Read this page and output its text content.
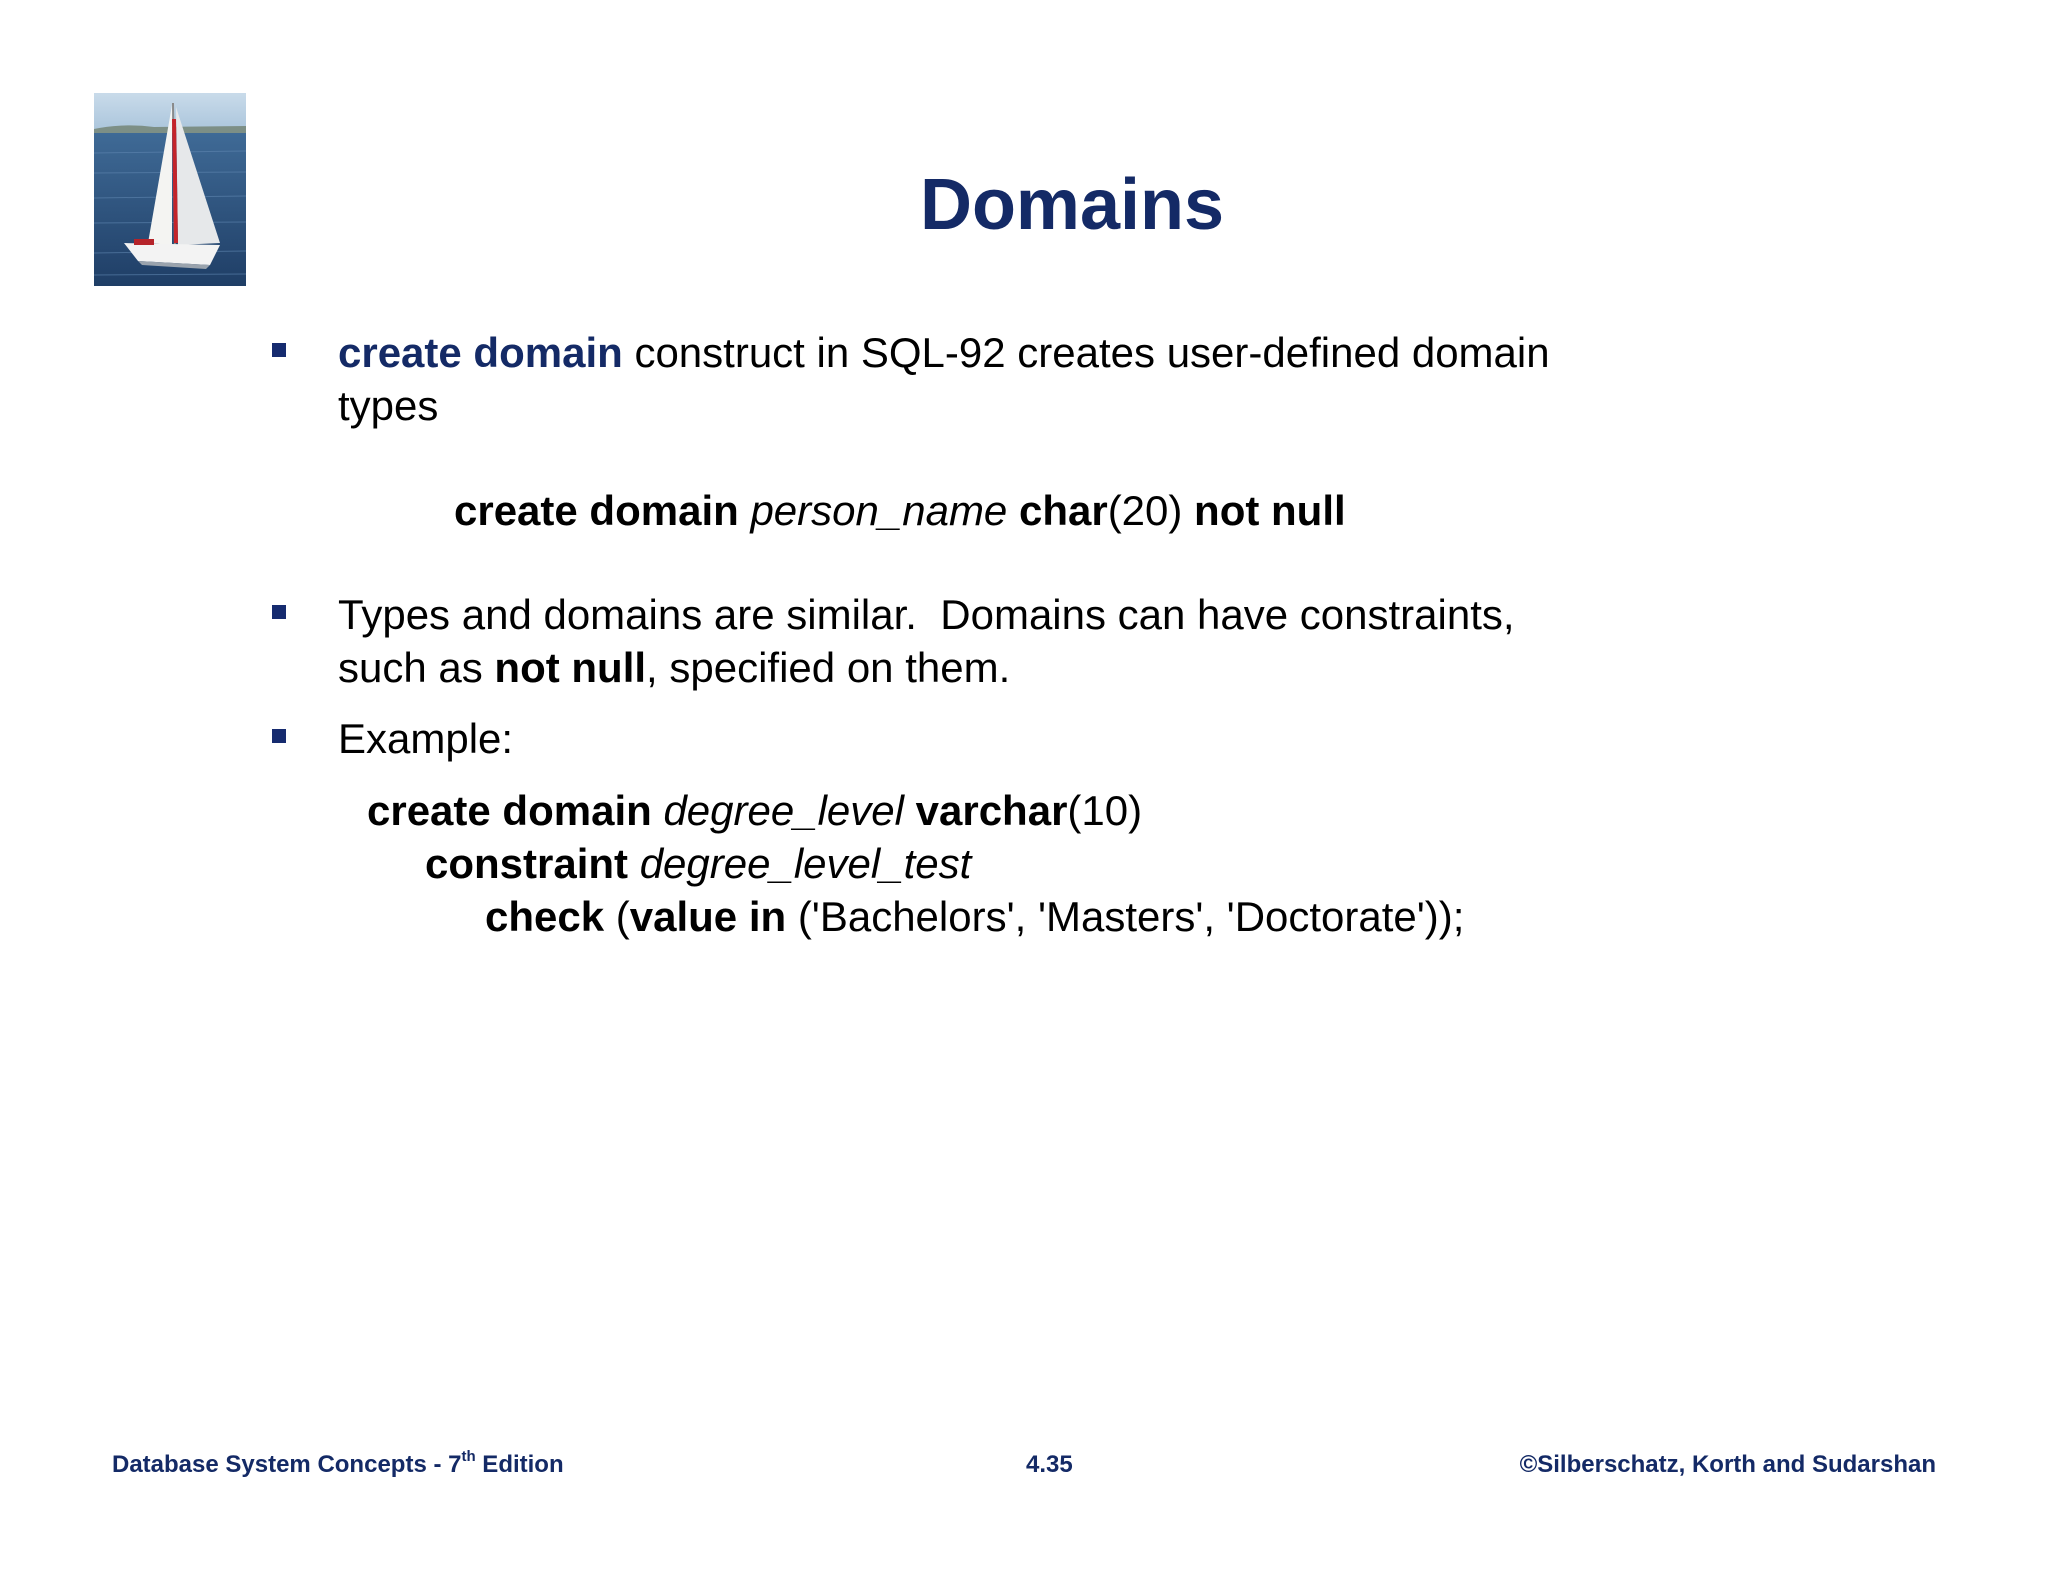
Domains
create domain construct in SQL-92 creates user-defined domain
types
create domain person_name char(20) not null
Types and domains are similar.  Domains can have constraints,
such as not null, specified on them.
Example:
create domain degree_level varchar(10)
constraint degree_level_test
check (value in ('Bachelors', 'Masters', 'Doctorate'));
Database System Concepts - 7th Edition	4.35	©Silberschatz, Korth and Sudarshan
